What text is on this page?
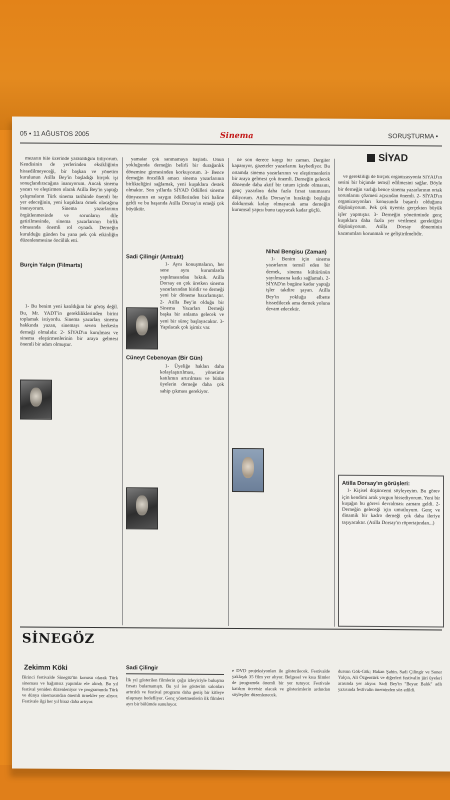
05 • 11 AĞUSTOS 2005	Sinema	SORUŞTURMA •
SİYAD

mezarın bile üzerinde yaratıldığını biliyorum. Kendisinin de yerlerinden eksikliğinin hissedilmeyeceği, bir başkan ve yönetim kurulunun Atilla Bey'in başladığı birçok işi sonuçlandıracağına inanıyorum. Ancak sinema yazarı ve eleştirmen olarak Atilla Bey'in yaptığı çalışmaların Türk sinema tarihinde önemli bir yer edeceğinin, yeni kuşaklara örnek olacağına inanıyorum. Sinema yazarlarının örgütlenmesinde ve sorunların dile getirilmesinde, sinema yazarlarının birlik olmasında önemli rol oynadı. Derneğin kurulduğu günden bu yana pek çok etkinliğin düzenlenmesine öncülük etti.

Burçin Yalçın (Filmarts)

1- Bu benim yeni katıldığım bir görüş değil. Bu, Mr. YADT'in gerekliliklerinden birini toplamak istiyordu. Sinema yazarları sinema hakkında yazan, sinemayı seven herkesin derneği olmalıdır. 2- SİYAD'ın kurulması ve sinema eleştirmenlerinin bir araya gelmesi önemli bir adım olmuştur.

yamalar çok sanmamaya başladı. Onun yokluğunda derneğin belirli bir durağanlık dönemine girmesinden korkuyorum. 3- Bence derneğin öncelikli amacı sinema yazarlarının birlikteliğini sağlamak, yeni kuşaklara destek olmaktır. Son yıllarda SİYAD Ödülleri sinema dünyasının en saygın ödüllerinden biri haline geldi ve bu başarıda Atilla Dorsay'ın emeği çok büyüktür.

Sadi Çilingir (Antrakt)

1- Aynı konuşmaların, her sene aynı kurumlarda yapılmasından bıktık. Atilla Dorsay en çok üretken sinema yazarlarından biridir ve derneği yeni bir döneme hazırlamıştır. 2- Atilla Bey'in olduğu bir Sinema Yazarları Derneği başka bir anlama gelecek ve yeni bir süreç başlayacaktır. 3- Yapılacak çok işimiz var.

Cüneyt Cebenoyan (Bir Gün)

1- Üyeliğe hakları daha kolaylaştırılması, yönetime katılımın artırılması ve bütün üyelerin derneğe daha çok sahip çıkması gerekiyor.

ne son derece kaygı bir zaman. Dergiler kapanıyor, gazeteler yazarlarını kaybediyor. Bu ortamda sinema yazarlarının ve eleştirmenlerin bir araya gelmesi çok önemli. Derneğin gelecek dönemde daha aktif bir tutum içinde olmasını, genç yazarlara daha fazla fırsat tanımasını diliyorum. Atilla Dorsay'ın bıraktığı boşluğu doldurmak kolay olmayacak ama derneğin kurumsal yapısı bunu taşıyacak kadar güçlü.

Nihal Bengisu (Zaman)

1- Benim için sinema yazarlarını temsil eden bir dernek, sinema kültürünün yayılmasına katkı sağlamalı. 2- SİYAD'ın bugüne kadar yaptığı işler takdire şayan. Atilla Bey'in yokluğu elbette hissedilecek ama dernek yoluna devam edecektir.

ve gerekliliği de birçok organizasyonla SİYAD'ın sesini bir biçimde temsil edilmesini sağlar. Böyle bir derneğin varlığı bence sinema yazarlarının ortak sorunlarını çözmesi açısından önemli. 2- SİYAD'ın organizasyonları konusunda başarılı olduğunu düşünüyorum. Pek çok üyemiz gerçekten büyük işler yapmıştır. 3- Derneğin yönetiminde genç kuşaklara daha fazla yer verilmesi gerektiğini düşünüyorum. Atilla Dorsay döneminin kazanımları korunmalı ve geliştirilmelidir.

Atilla Dorsay'ın görüşleri:

1- Kişisel düşüncemi söyleyeyim. Bu görev için kendimi artık yorgun hissediyorum. Yeni bir kuşağın bu görevi devralması zamanı geldi. 2- Derneğin geleceği için umutluyum. Genç ve dinamik bir kadro derneği çok daha ileriye taşıyacaktır. (Atilla Dorsay'ın röportajından...)

SİNEGÖZ
Sadi Çilingir
Zekimm Köki

Birinci festivalde Sinegöz'ün konusu olarak Türk sineması ve bağımsız yapımlar ele alındı. Bu yıl festival yeniden düzenleniyor ve programında Türk ve dünya sinemasından önemli örnekler yer alıyor. Festivale ilgi her yıl biraz daha artıyor.

İlk yıl gösterilen filmlerin çoğu izleyiciyle buluşma fırsatı bulamamıştı. Bu yıl ise gösterim salonları artırıldı ve festival programı daha geniş bir kitleye ulaşmayı hedefliyor. Genç yönetmenlerin ilk filmleri ayrı bir bölümde sunuluyor.

e DVD projeksiyonları ile gösterilecek. Festivalde yaklaşık 35 film yer alıyor. Belgesel ve kısa filmler de programda önemli bir yer tutuyor. Festivale katılım ücretsiz olacak ve gösterimlerin ardından söyleşiler düzenlenecek.

dursun Gök-Gök; Hakan Şahin, Sadi Çilingir ve Soner Yalçın, Ali Özgentürk ve diğerleri festivalin jüri üyeleri arasında yer alıyor. Sadi Bey'in "Beyaz Balık" adlı yazısında festivalin öneminden söz edildi.
